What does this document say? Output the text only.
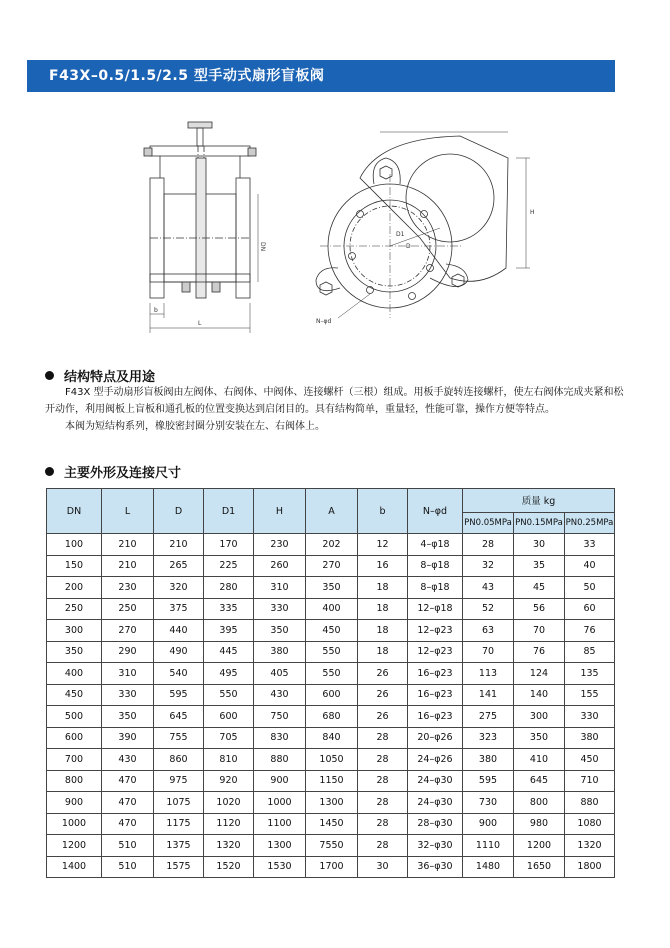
F43X–0.5/1.5/2.5 型手动式扇形盲板阀
b
L
DN
H
D
D1
N–φd
结构特点及用途

F43X 型手动扇形盲板阀由左阀体、右阀体、中阀体、连接螺杆（三根）组成。用板手旋转连接螺杆，使左右阀体完成夹紧和松开动作，利用阀板上盲板和通孔板的位置变换达到启闭目的。具有结构简单，重量轻，性能可靠，操作方便等特点。

本阀为短结构系列，橡胶密封圈分别安装在左、右阀体上。

主要外形及连接尺寸
DN	L	D	D1	H	A	b	N–φd	质量 kg		
								PN0.05MPa	PN0.15MPa	PN0.25MPa
100	210	210	170	230	202	12	4–φ18	28	30	33
150	210	265	225	260	270	16	8–φ18	32	35	40
200	230	320	280	310	350	18	8–φ18	43	45	50
250	250	375	335	330	400	18	12–φ18	52	56	60
300	270	440	395	350	450	18	12–φ23	63	70	76
350	290	490	445	380	550	18	12–φ23	70	76	85
400	310	540	495	405	550	26	16–φ23	113	124	135
450	330	595	550	430	600	26	16–φ23	141	140	155
500	350	645	600	750	680	26	16–φ23	275	300	330
600	390	755	705	830	840	28	20–φ26	323	350	380
700	430	860	810	880	1050	28	24–φ26	380	410	450
800	470	975	920	900	1150	28	24–φ30	595	645	710
900	470	1075	1020	1000	1300	28	24–φ30	730	800	880
1000	470	1175	1120	1100	1450	28	28–φ30	900	980	1080
1200	510	1375	1320	1300	7550	28	32–φ30	1110	1200	1320
1400	510	1575	1520	1530	1700	30	36–φ30	1480	1650	1800
